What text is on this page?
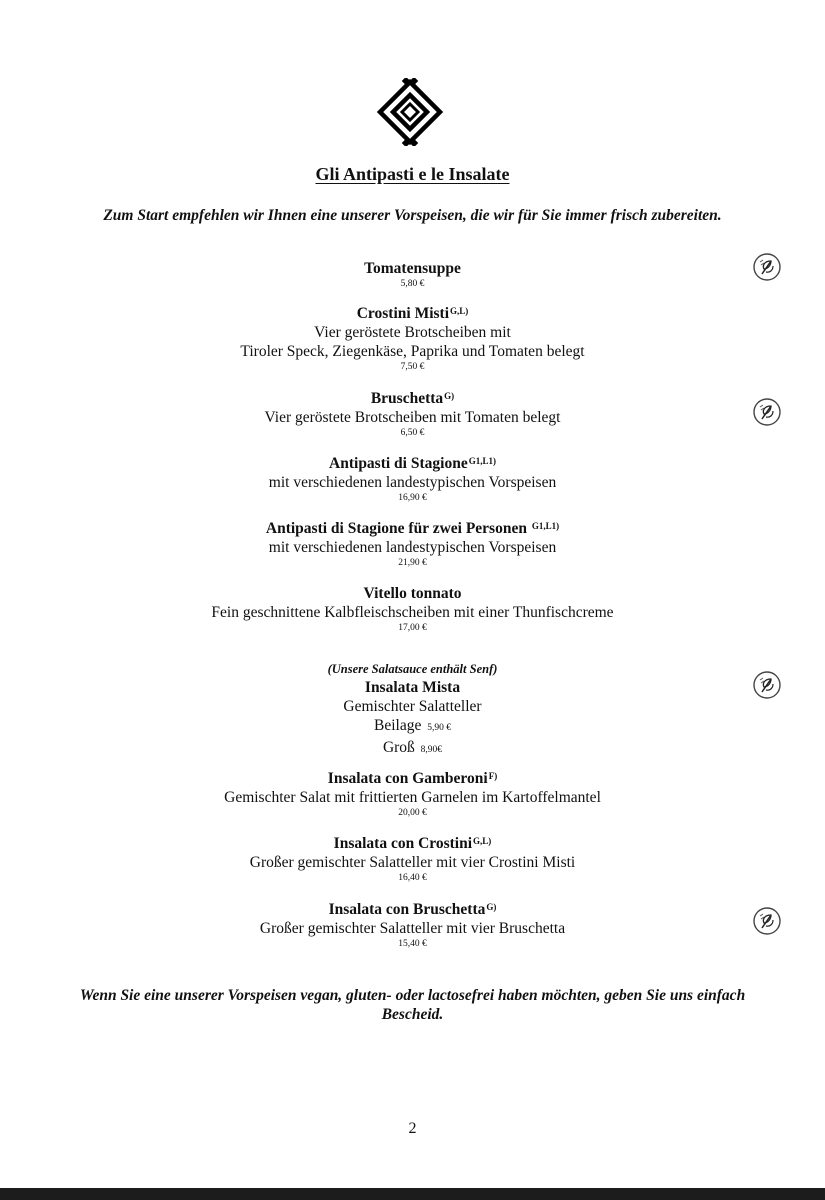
Gli Antipasti e le Insalate
Zum Start empfehlen wir Ihnen eine unserer Vorspeisen, die wir für Sie immer frisch zubereiten.
Tomatensuppe
5,80 €
Crostini Misti$^{G,L)}$
Vier geröstete Brotscheiben mit
Tiroler Speck, Ziegenkäse, Paprika und Tomaten belegt
7,50 €
Bruschetta$^{G)}$
Vier geröstete Brotscheiben mit Tomaten belegt
6,50 €
Antipasti di Stagione$^{G1,L1)}$
mit verschiedenen landestypischen Vorspeisen
16,90 €
Antipasti di Stagione für zwei Personen $^{G1,L1)}$
mit verschiedenen landestypischen Vorspeisen
21,90 €
Vitello tonnato
Fein geschnittene Kalbfleischscheiben mit einer Thunfischcreme
17,00 €
(Unsere Salatsauce enthält Senf)
Insalata Mista
Gemischter Salatteller
Beilage 5,90 €
Groß 8,90€
Insalata con Gamberoni$^{F)}$
Gemischter Salat mit frittierten Garnelen im Kartoffelmantel
20,00 €
Insalata con Crostini$^{G,L)}$
Großer gemischter Salatteller mit vier Crostini Misti
16,40 €
Insalata con Bruschetta$^{G)}$
Großer gemischter Salatteller mit vier Bruschetta
15,40 €
Wenn Sie eine unserer Vorspeisen vegan, gluten- oder lactosefrei haben möchten, geben Sie uns einfach Bescheid.
2
